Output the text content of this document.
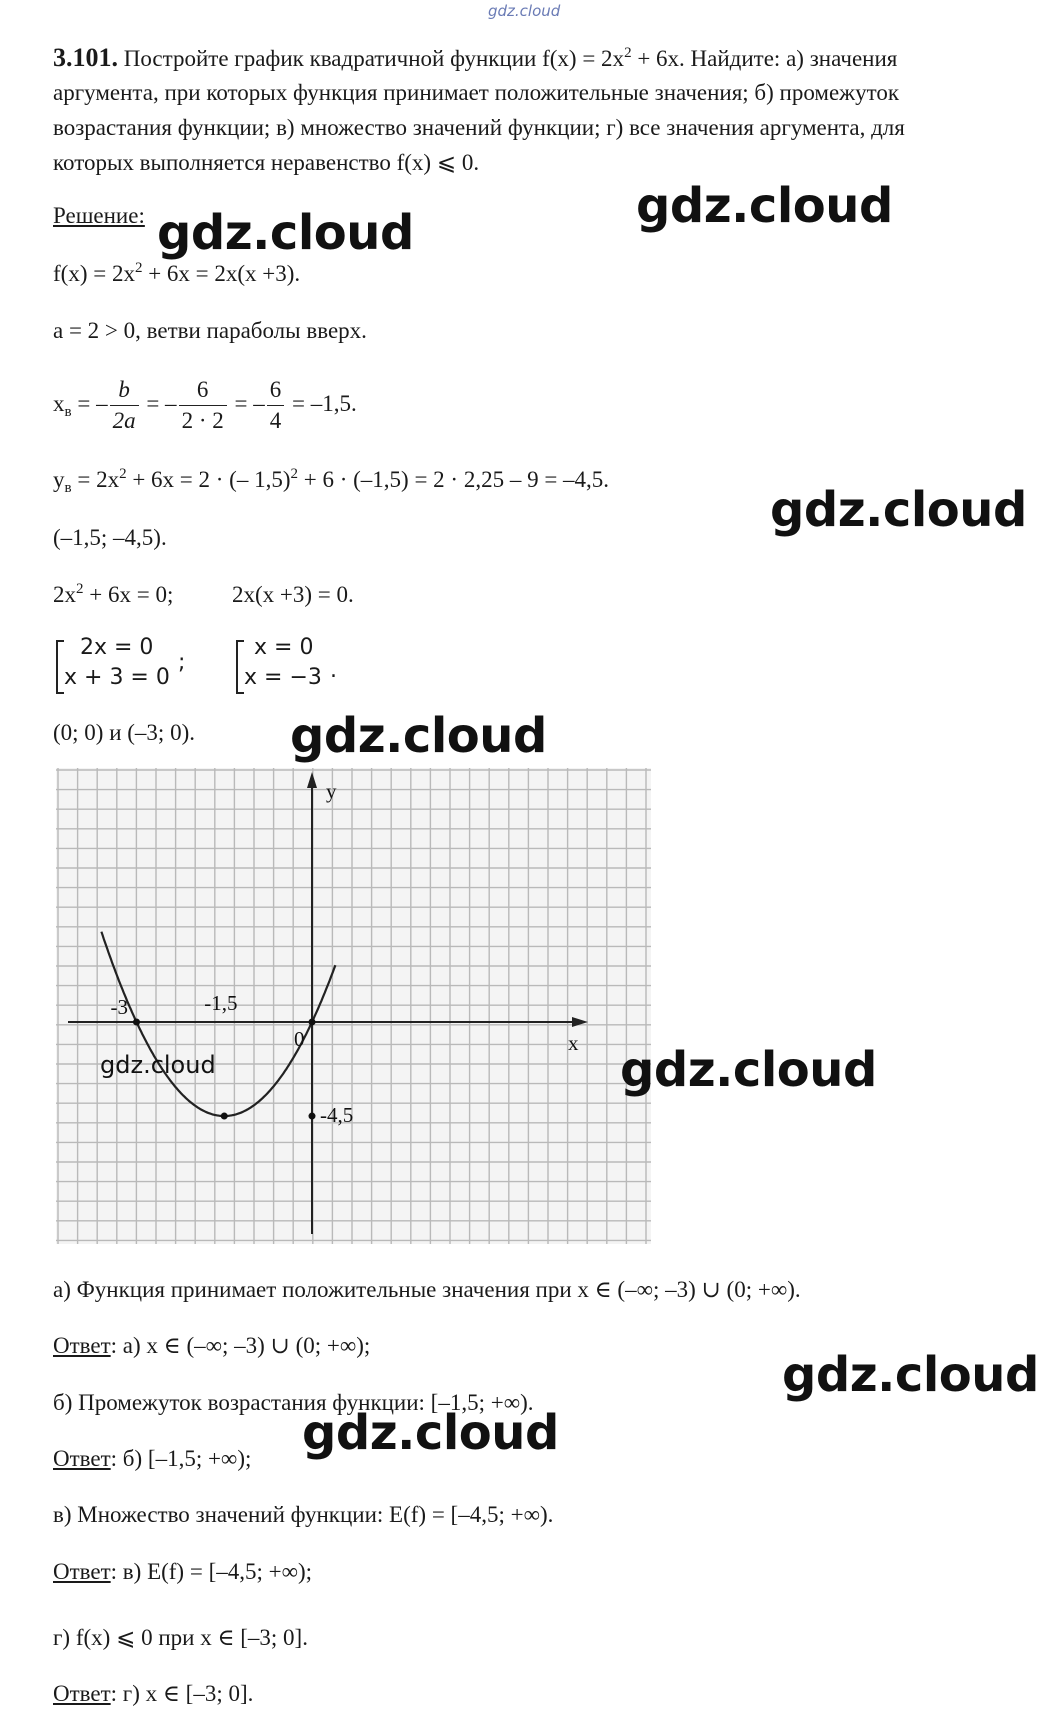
gdz.cloud
3.101. Постройте график квадратичной функции $f(x) = 2x^2 + 6x$. Найдите: а) значения
аргумента, при которых функция принимает положительные значения; б) промежуток
возрастания функции; в) множество значений функции; г) все значения аргумента, для
которых выполняется неравенство f(x) ⩽ 0.
Решение:
$f(x) = 2x^2 + 6x = 2x(x +3)$.
a = 2 > 0, ветви параболы вверх.
$x_в$ = – $\frac{b}{2a}$ = – $\frac{6}{2 \cdot 2}$ = – $\frac{6}{4} = -1,5$.
$y_в = 2x^2 + 6x = 2$ · (– 1,5)$^2$ + 6 · (–1,5) = 2 · 2,25 – 9 = –4,5.
(–1,5; –4,5).
$2x^2 + 6x = 0$;	2x(x +3) = 0.
2x = 0
x + 3 = 0
;
x = 0
x = −3 .
(0; 0) и (–3; 0).
-3	-1,5
0
-4,5
x
y
gdz.cloud
а) Функция принимает положительные значения при x ∈ (–∞; –3) ∪ (0; +∞).
Ответ: а) x ∈ (–∞; –3) ∪ (0; +∞);
б) Промежуток возрастания функции: [–1,5; +∞).
Ответ: б) [–1,5; +∞);
в) Множество значений функции: E(f) = [–4,5; +∞).
Ответ: в) E(f) = [–4,5; +∞);
г) f(x) ⩽ 0 при x ∈ [–3; 0].
Ответ: г) x ∈ [–3; 0].
gdz.cloud	gdz.cloud
gdz.cloud
gdz.cloud
gdz.cloud
gdz.cloud
gdz.cloud
